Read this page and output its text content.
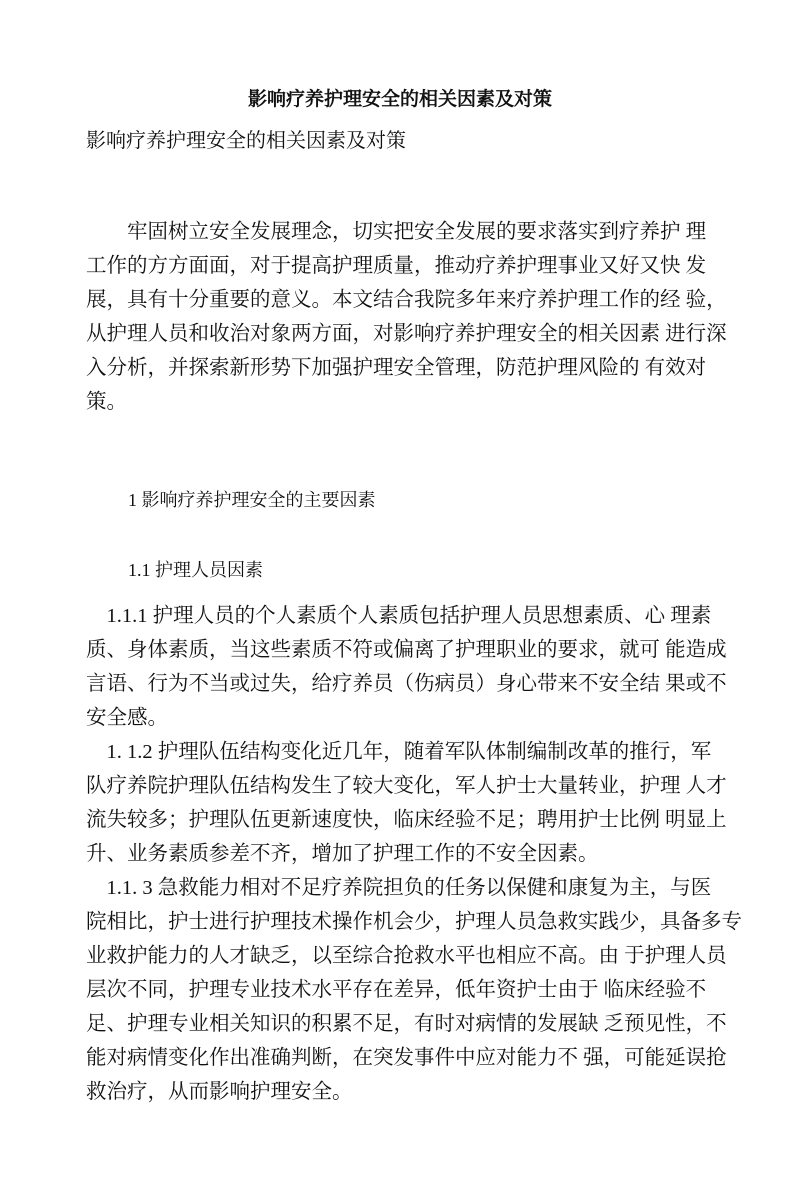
影响疗养护理安全的相关因素及对策
影响疗养护理安全的相关因素及对策
牢固树立安全发展理念，切实把安全发展的要求落实到疗养护 理
工作的方方面面，对于提高护理质量，推动疗养护理事业又好又快 发
展，具有十分重要的意义。本文结合我院多年来疗养护理工作的经 验，
从护理人员和收治对象两方面，对影响疗养护理安全的相关因素 进行深
入分析，并探索新形势下加强护理安全管理，防范护理风险的 有效对
策。
1 影响疗养护理安全的主要因素
1.1 护理人员因素
1.1.1 护理人员的个人素质个人素质包括护理人员思想素质、心 理素
质、身体素质，当这些素质不符或偏离了护理职业的要求，就可 能造成
言语、行为不当或过失，给疗养员（伤病员）身心带来不安全结 果或不
安全感。
1. 1.2 护理队伍结构变化近几年，随着军队体制编制改革的推行，军
队疗养院护理队伍结构发生了较大变化，军人护士大量转业，护理 人才
流失较多；护理队伍更新速度快，临床经验不足；聘用护士比例 明显上
升、业务素质参差不齐，增加了护理工作的不安全因素。
1.1. 3 急救能力相对不足疗养院担负的任务以保健和康复为主，与医
院相比，护士进行护理技术操作机会少，护理人员急救实践少，具备多专
业救护能力的人才缺乏，以至综合抢救水平也相应不高。由 于护理人员
层次不同，护理专业技术水平存在差异，低年资护士由于 临床经验不
足、护理专业相关知识的积累不足，有时对病情的发展缺 乏预见性，不
能对病情变化作出准确判断，在突发事件中应对能力不 强，可能延误抢
救治疗，从而影响护理安全。
